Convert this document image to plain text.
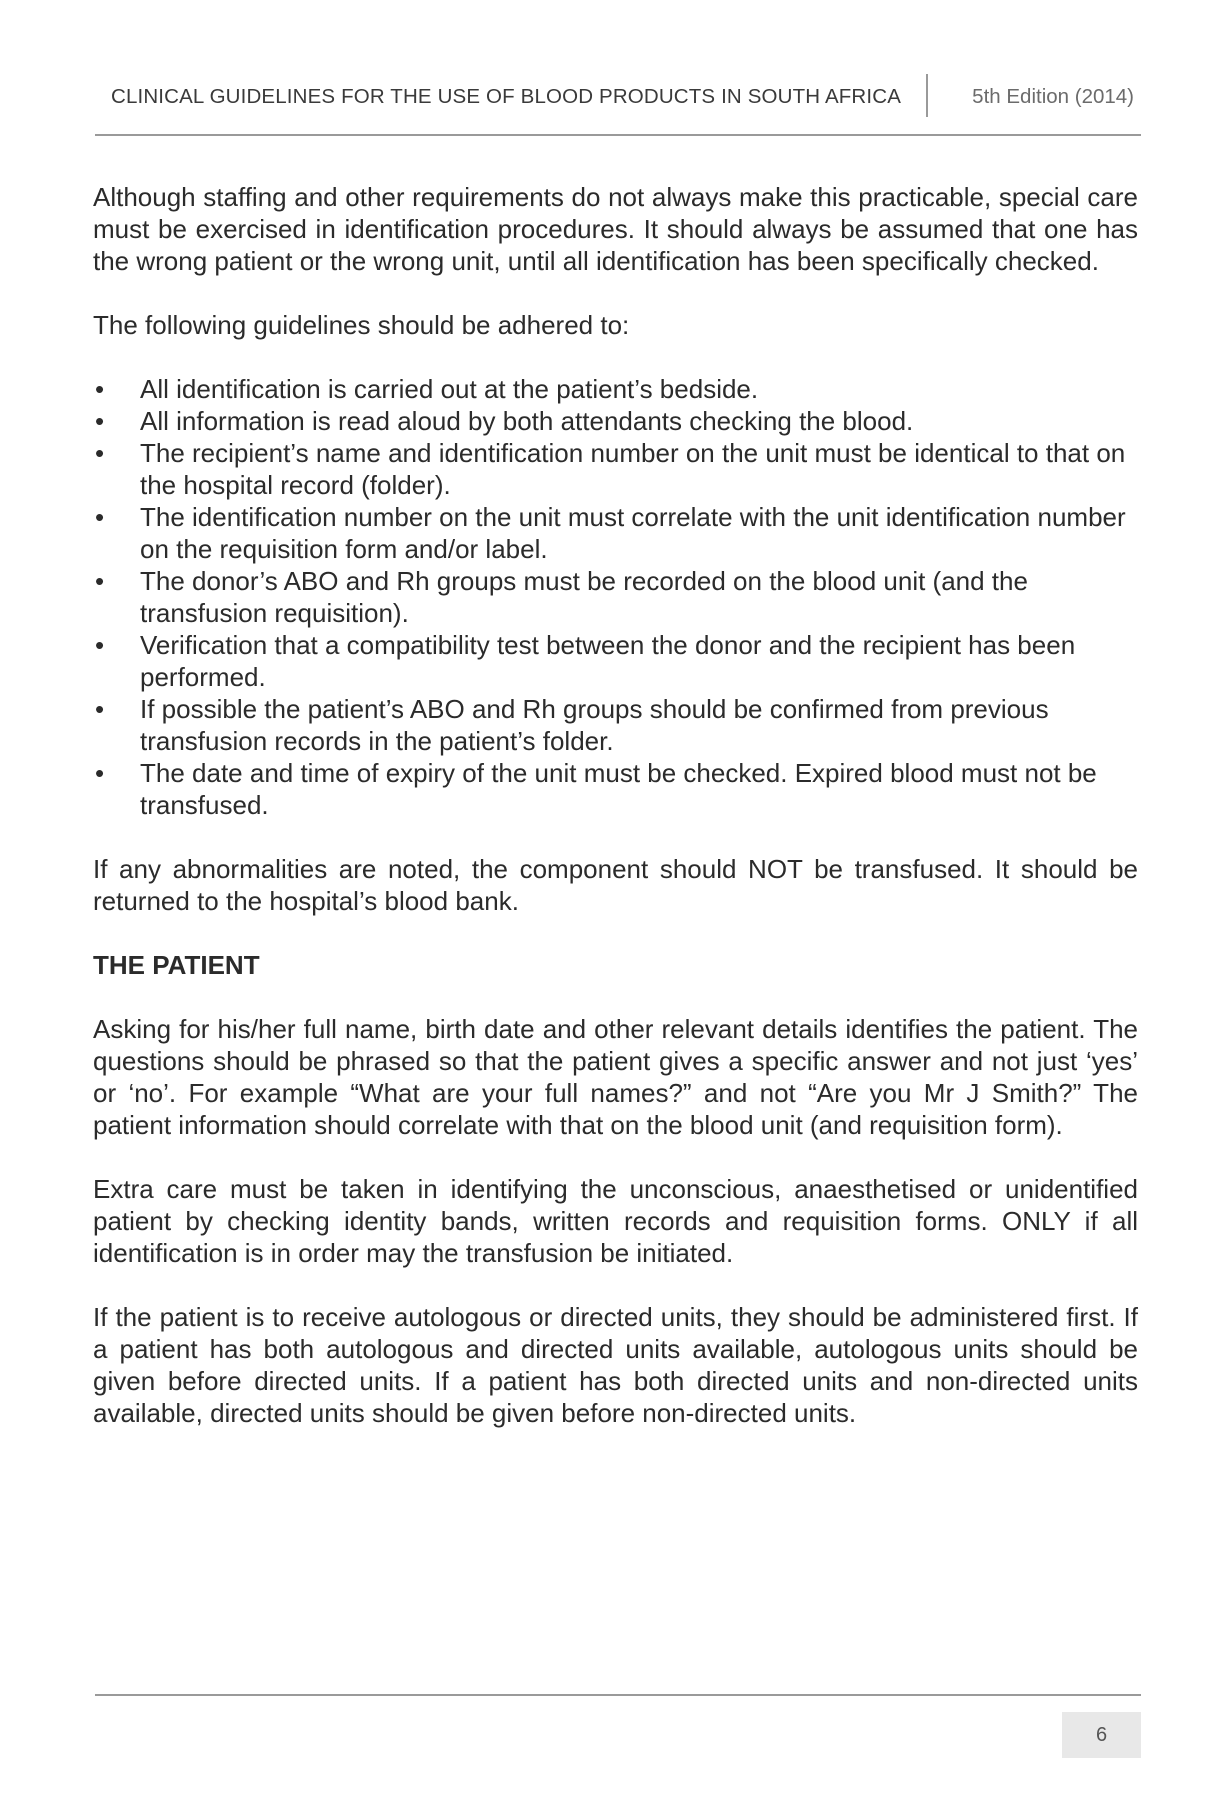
CLINICAL GUIDELINES FOR THE USE OF BLOOD PRODUCTS IN SOUTH AFRICA	5th Edition (2014)

Although staffing and other requirements do not always make this practicable, special care must be exercised in identification procedures. It should always be assumed that one has the wrong patient or the wrong unit, until all identification has been specifically checked.

The following guidelines should be adhered to:

• All identification is carried out at the patient’s bedside.
• All information is read aloud by both attendants checking the blood.
• The recipient’s name and identification number on the unit must be identical to that on the hospital record (folder).
• The identification number on the unit must correlate with the unit identification number on the requisition form and/or label.
• The donor’s ABO and Rh groups must be recorded on the blood unit (and the transfusion requisition).
• Verification that a compatibility test between the donor and the recipient has been performed.
• If possible the patient’s ABO and Rh groups should be confirmed from previous transfusion records in the patient’s folder.
• The date and time of expiry of the unit must be checked. Expired blood must not be transfused.

If any abnormalities are noted, the component should NOT be transfused. It should be returned to the hospital’s blood bank.

THE PATIENT

Asking for his/her full name, birth date and other relevant details identifies the patient. The questions should be phrased so that the patient gives a specific answer and not just ‘yes’ or ‘no’. For example “What are your full names?” and not “Are you Mr J Smith?” The patient information should correlate with that on the blood unit (and requisition form).

Extra care must be taken in identifying the unconscious, anaesthetised or unidentified patient by checking identity bands, written records and requisition forms. ONLY if all identification is in order may the transfusion be initiated.

If the patient is to receive autologous or directed units, they should be administered first. If a patient has both autologous and directed units available, autologous units should be given before directed units. If a patient has both directed units and non-directed units available, directed units should be given before non-directed units.

6
